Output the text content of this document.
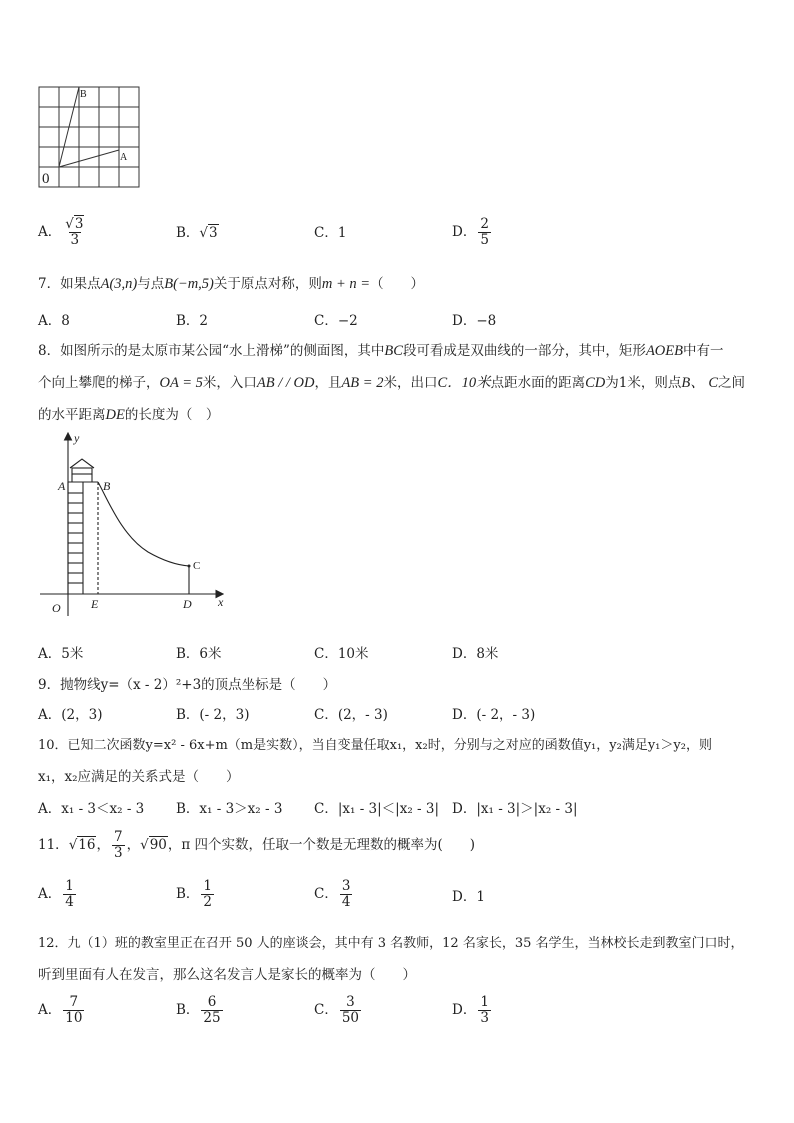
B
A
0
A． $\frac{√3}{3}$	B．√3	C．1	D． $\frac{2}{5}$
7．如果点A(3,n)与点B(−m,5)关于原点对称，则m + n =（　　）
A．8	B．2	C．−2	D．−8
8．如图所示的是太原市某公园“水上滑梯”的侧面图，其中BC段可看成是双曲线的一部分，其中，矩形AOEB中有一
个向上攀爬的梯子，OA = 5米，入口AB / / OD，且AB = 2米，出口C．10米点距水面的距离CD为1米，则点B、 C之间
的水平距离DE的长度为（　）
y
x
A	B
C
O	E	D
A．5米	B．6米	C．10米	D．8米
9．抛物线y=（x - 2）²+3的顶点坐标是（　　）
A．(2，3)	B．(- 2，3)	C．(2，- 3)	D．(- 2，- 3)
10．已知二次函数y=x² - 6x+m（m是实数），当自变量任取x₁，x₂时，分别与之对应的函数值y₁，y₂满足y₁＞y₂，则
x₁，x₂应满足的关系式是（　　）
A．x₁ - 3＜x₂ - 3 B．x₁ - 3＞x₂ - 3 C．|x₁ - 3|＜|x₂ - 3| D．|x₁ - 3|＞|x₂ - 3|
11．√16， $\frac{7}{3}$ ，√90，π 四个实数，任取一个数是无理数的概率为(　　)
A． $\frac{1}{4}$	B． $\frac{1}{2}$	C． $\frac{3}{4}$	D．1
12．九（1）班的教室里正在召开 50 人的座谈会，其中有 3 名教师，12 名家长，35 名学生，当林校长走到教室门口时，
听到里面有人在发言，那么这名发言人是家长的概率为（　　）
A． $\frac{7}{10}$	B． $\frac{6}{25}$	C． $\frac{3}{50}$	D． $\frac{1}{3}$
